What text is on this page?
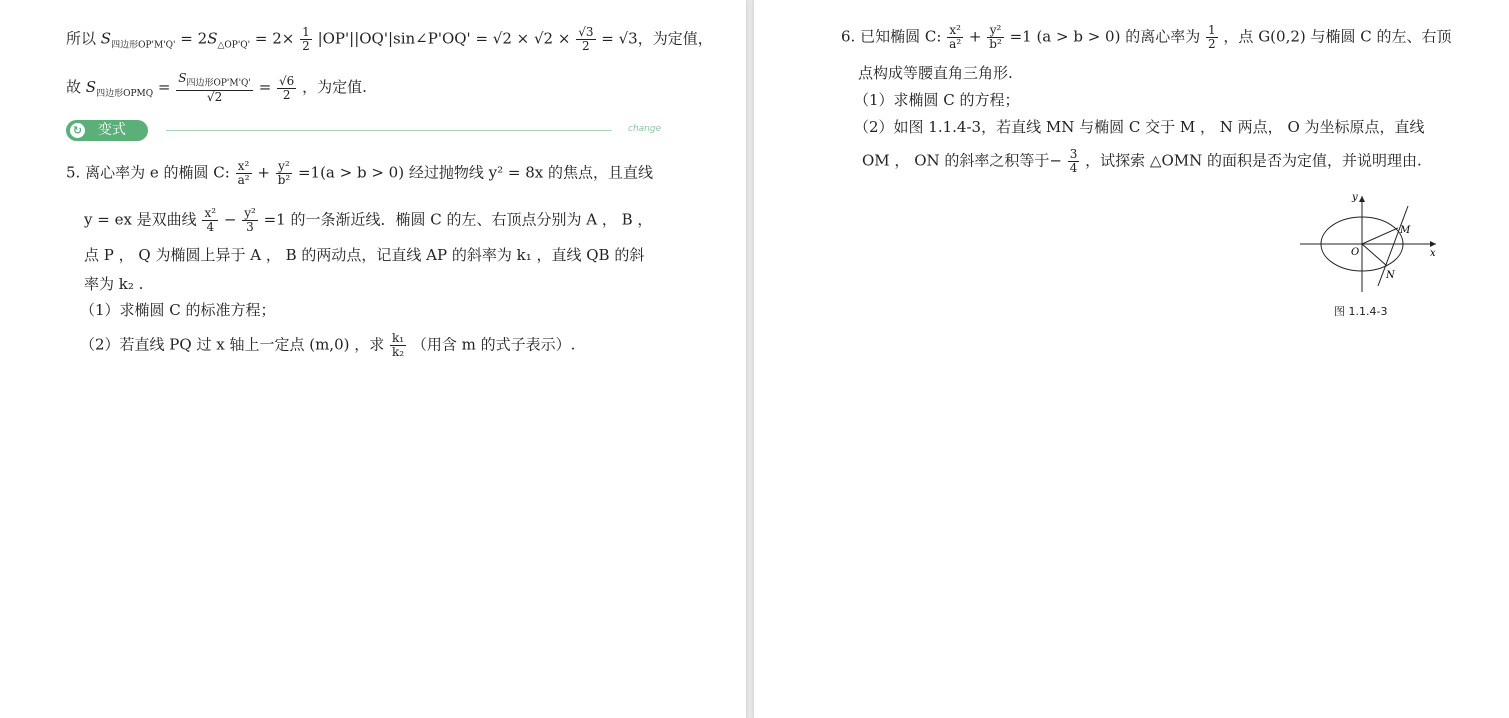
所以 $S_{四边形OP'M'Q'} = 2S_{\triangle OP'Q'} = 2\times \frac{1}{2}$ |OP'||OQ'|sin∠P'OQ' = $√2 \times √2 \times \frac{√3}{2} = √3$，为定值，
故 $S_{四边形OPMQ} = \frac{S_{四边形OP'M'Q'}}{√2} = \frac{√6}{2}$ ，为定值.
↻ 变式	change
5. 离心率为 e 的椭圆 C: $\frac{\text{x²}}{\text{a²}} + \frac{\text{y²}}{\text{b²}} =1(a > b > 0)$ 经过抛物线 y² = 8x 的焦点，且直线
y = ex 是双曲线 $\frac{\text{x²}}{4} - \frac{\text{y²}}{3} =1$ 的一条渐近线．椭圆 C 的左、右顶点分别为 A ， B ，
点 P ， Q 为椭圆上异于 A ， B 的两动点，记直线 AP 的斜率为 k₁ ，直线 QB 的斜
率为 k₂ .
（1）求椭圆 C 的标准方程；
（2）若直线 PQ 过 x 轴上一定点 (m,0) ，求 $\frac{\text{k₁}}{\text{k₂}}$ （用含 m 的式子表示）.
6. 已知椭圆 C: $\frac{\text{x²}}{\text{a²}} + \frac{\text{y²}}{\text{b²}} =1$ (a > b > 0) 的离心率为 $\frac{1}{2}$ ，点 G(0,2) 与椭圆 C 的左、右顶
点构成等腰直角三角形.
（1）求椭圆 C 的方程；
（2）如图 1.1.4-3，若直线 MN 与椭圆 C 交于 M ， N 两点， O 为坐标原点，直线
OM ， ON 的斜率之积等于− $\frac{3}{4}$ ，试探索 △OMN 的面积是否为定值，并说明理由.
y
x
O
M
N
图 1.1.4-3
